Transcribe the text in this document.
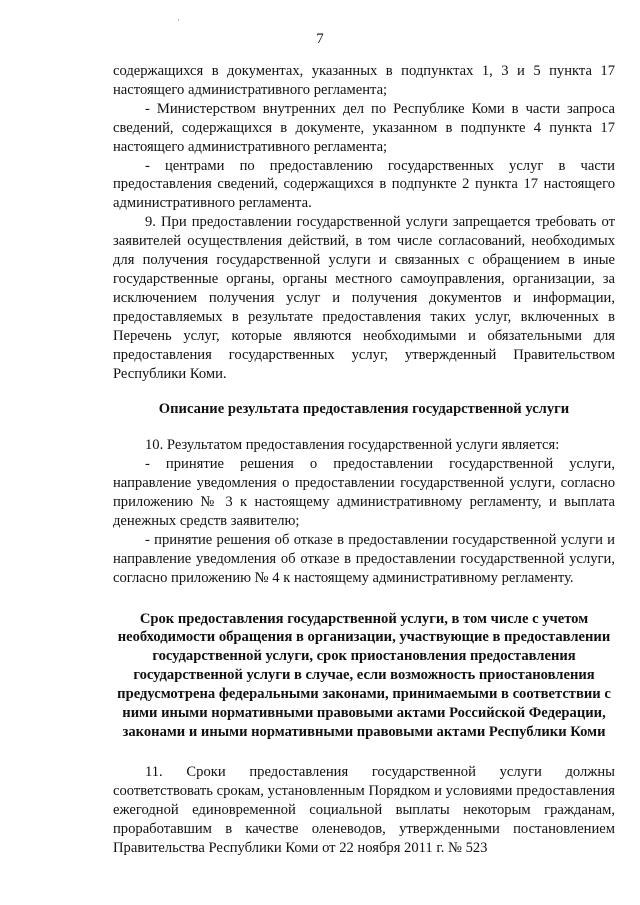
'
7

содержащихся в документах, указанных в подпунктах 1, 3 и 5 пункта 17 настоящего административного регламента;

- Министерством внутренних дел по Республике Коми в части запроса сведений, содержащихся в документе, указанном в подпункте 4 пункта 17 настоящего административного регламента;

- центрами по предоставлению государственных услуг в части предоставления сведений, содержащихся в подпункте 2 пункта 17 настоящего административного регламента.

9. При предоставлении государственной услуги запрещается требовать от заявителей осуществления действий, в том числе согласований, необходимых для получения государственной услуги и связанных с обращением в иные государственные органы, органы местного самоуправления, организации, за исключением получения услуг и получения документов и информации, предоставляемых в результате предоставления таких услуг, включенных в Перечень услуг, которые являются необходимыми и обязательными для предоставления государственных услуг, утвержденный Правительством Республики Коми.

Описание результата предоставления государственной услуги

10. Результатом предоставления государственной услуги является:

- принятие решения о предоставлении государственной услуги, направление уведомления о предоставлении государственной услуги, согласно приложению № 3 к настоящему административному регламенту, и выплата денежных средств заявителю;

- принятие решения об отказе в предоставлении государственной услуги и направление уведомления об отказе в предоставлении государственной услуги, согласно приложению № 4 к настоящему административному регламенту.

Срок предоставления государственной услуги, в том числе с учетом необходимости обращения в организации, участвующие в предоставлении государственной услуги, срок приостановления предоставления государственной услуги в случае, если возможность приостановления предусмотрена федеральными законами, принимаемыми в соответствии с ними иными нормативными правовыми актами Российской Федерации, законами и иными нормативными правовыми актами Республики Коми

11. Сроки предоставления государственной услуги должны соответствовать срокам, установленным Порядком и условиями предоставления ежегодной единовременной социальной выплаты некоторым гражданам, проработавшим в качестве оленеводов, утвержденными постановлением Правительства Республики Коми от 22 ноября 2011 г. № 523
